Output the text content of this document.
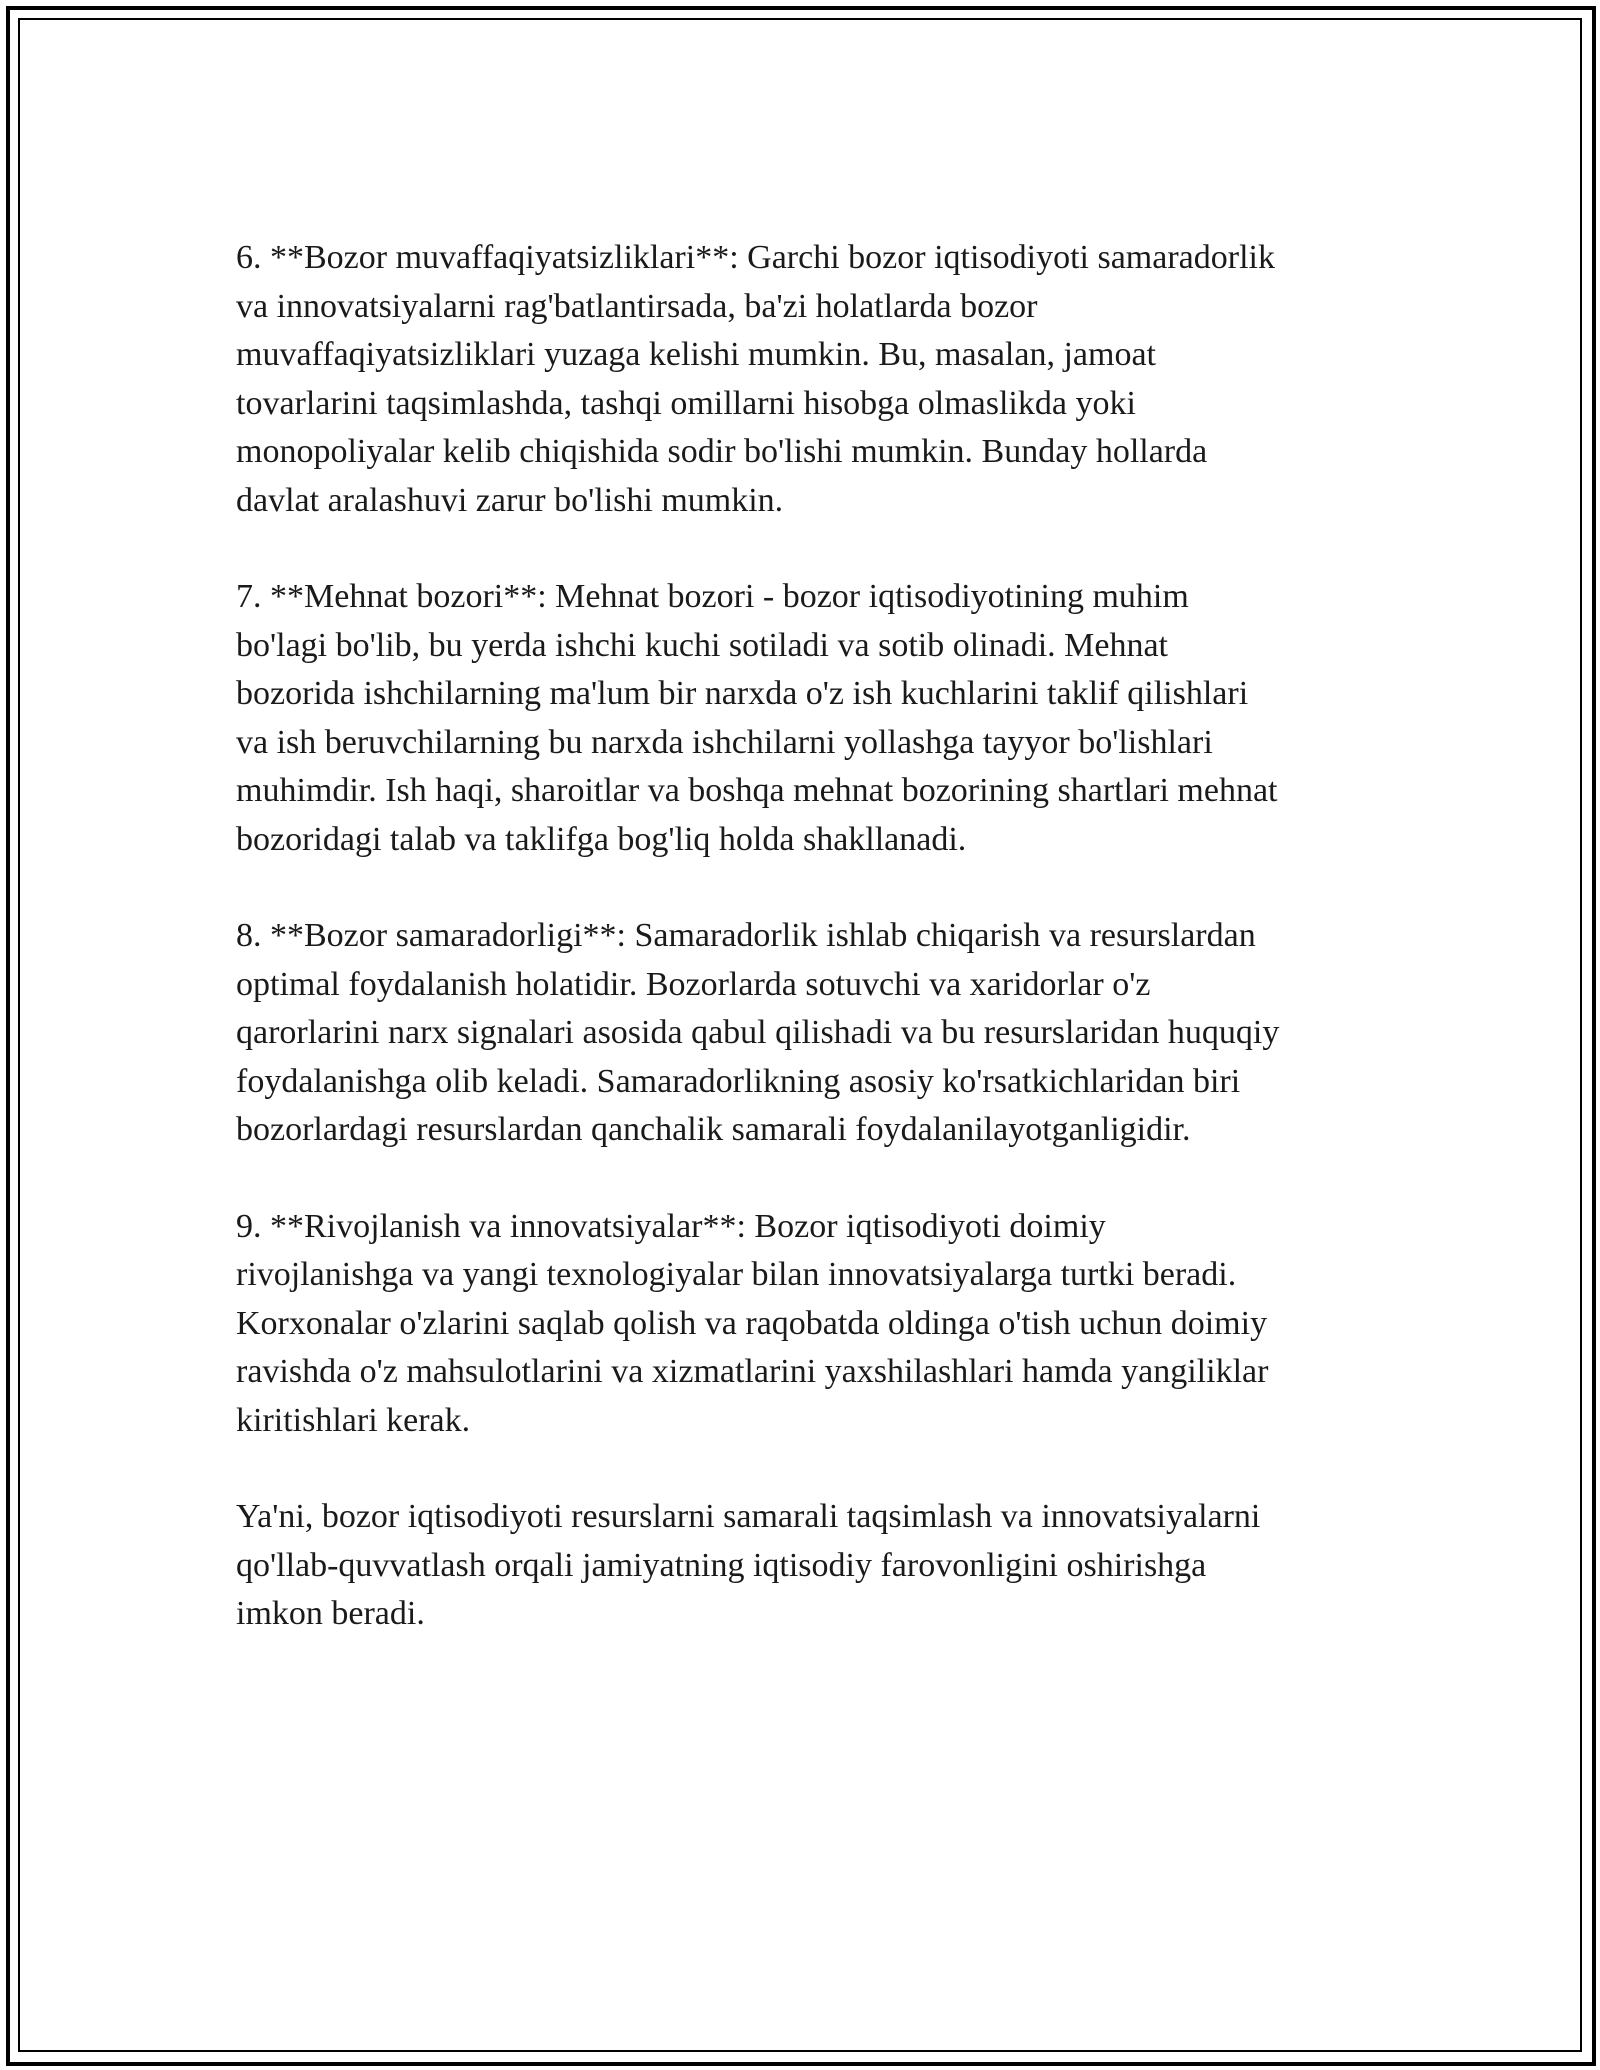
6. **Bozor muvaffaqiyatsizliklari**: Garchi bozor iqtisodiyoti samaradorlik
va innovatsiyalarni rag'batlantirsada, ba'zi holatlarda bozor
muvaffaqiyatsizliklari yuzaga kelishi mumkin. Bu, masalan, jamoat
tovarlarini taqsimlashda, tashqi omillarni hisobga olmaslikda yoki
monopoliyalar kelib chiqishida sodir bo'lishi mumkin. Bunday hollarda
davlat aralashuvi zarur bo'lishi mumkin.

7. **Mehnat bozori**: Mehnat bozori - bozor iqtisodiyotining muhim
bo'lagi bo'lib, bu yerda ishchi kuchi sotiladi va sotib olinadi. Mehnat
bozorida ishchilarning ma'lum bir narxda o'z ish kuchlarini taklif qilishlari
va ish beruvchilarning bu narxda ishchilarni yollashga tayyor bo'lishlari
muhimdir. Ish haqi, sharoitlar va boshqa mehnat bozorining shartlari mehnat
bozoridagi talab va taklifga bog'liq holda shakllanadi.

8. **Bozor samaradorligi**: Samaradorlik ishlab chiqarish va resurslardan
optimal foydalanish holatidir. Bozorlarda sotuvchi va xaridorlar o'z
qarorlarini narx signalari asosida qabul qilishadi va bu resurslaridan huquqiy
foydalanishga olib keladi. Samaradorlikning asosiy ko'rsatkichlaridan biri
bozorlardagi resurslardan qanchalik samarali foydalanilayotganligidir.

9. **Rivojlanish va innovatsiyalar**: Bozor iqtisodiyoti doimiy
rivojlanishga va yangi texnologiyalar bilan innovatsiyalarga turtki beradi.
Korxonalar o'zlarini saqlab qolish va raqobatda oldinga o'tish uchun doimiy
ravishda o'z mahsulotlarini va xizmatlarini yaxshilashlari hamda yangiliklar
kiritishlari kerak.

Ya'ni, bozor iqtisodiyoti resurslarni samarali taqsimlash va innovatsiyalarni
qo'llab-quvvatlash orqali jamiyatning iqtisodiy farovonligini oshirishga
imkon beradi.
